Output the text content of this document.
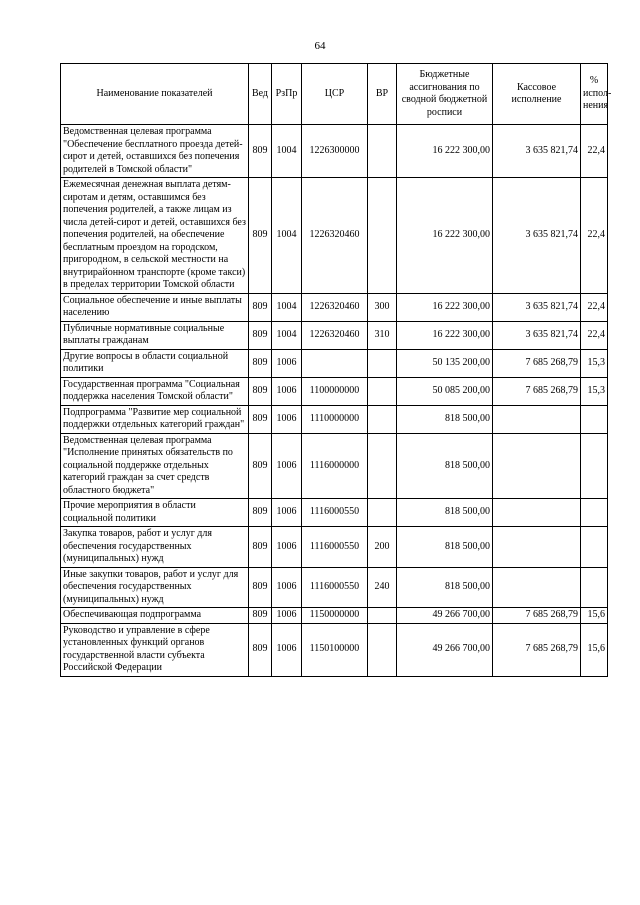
64
Наименование показателей	Вед	РзПр	ЦСР	ВР	Бюджетные ассигнования по сводной бюджетной росписи	Кассовое исполнение	% испол-нения
Ведомственная целевая программа "Обеспечение бесплатного проезда детей-сирот и детей, оставшихся без попечения родителей в Томской области"	809	1004	1226300000		16 222 300,00	3 635 821,74	22,4
Ежемесячная денежная выплата детям-сиротам и детям, оставшимся без попечения родителей, а также лицам из числа детей-сирот и детей, оставшихся без попечения родителей, на обеспечение бесплатным проездом на городском, пригородном, в сельской местности на внутрирайонном транспорте (кроме такси) в пределах территории Томской области	809	1004	1226320460		16 222 300,00	3 635 821,74	22,4
Социальное обеспечение и иные выплаты населению	809	1004	1226320460	300	16 222 300,00	3 635 821,74	22,4
Публичные нормативные социальные выплаты гражданам	809	1004	1226320460	310	16 222 300,00	3 635 821,74	22,4
Другие вопросы в области социальной политики	809	1006			50 135 200,00	7 685 268,79	15,3
Государственная программа "Социальная поддержка населения Томской области"	809	1006	1100000000		50 085 200,00	7 685 268,79	15,3
Подпрограмма "Развитие мер социальной поддержки отдельных категорий граждан"	809	1006	1110000000		818 500,00		
Ведомственная целевая программа "Исполнение принятых обязательств по социальной поддержке отдельных категорий граждан за счет средств областного бюджета"	809	1006	1116000000		818 500,00		
Прочие мероприятия в области социальной политики	809	1006	1116000550		818 500,00		
Закупка товаров, работ и услуг для обеспечения государственных (муниципальных) нужд	809	1006	1116000550	200	818 500,00		
Иные закупки товаров, работ и услуг для обеспечения государственных (муниципальных) нужд	809	1006	1116000550	240	818 500,00		
Обеспечивающая подпрограмма	809	1006	1150000000		49 266 700,00	7 685 268,79	15,6
Руководство и управление в сфере установленных функций органов государственной власти субъекта Российской Федерации	809	1006	1150100000		49 266 700,00	7 685 268,79	15,6
